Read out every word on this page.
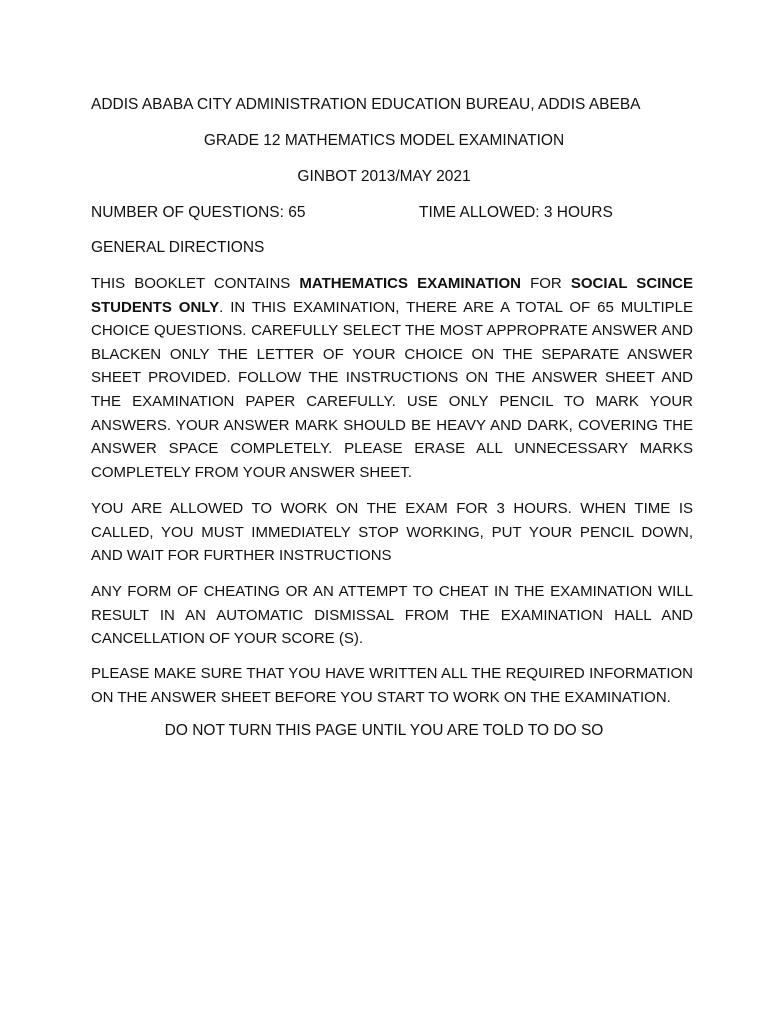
ADDIS ABABA CITY ADMINISTRATION EDUCATION BUREAU, ADDIS ABEBA
GRADE 12 MATHEMATICS MODEL EXAMINATION
GINBOT 2013/MAY 2021
NUMBER OF QUESTIONS: 65	TIME ALLOWED: 3 HOURS
GENERAL DIRECTIONS
THIS BOOKLET CONTAINS MATHEMATICS EXAMINATION FOR SOCIAL SCINCE STUDENTS ONLY. IN THIS EXAMINATION, THERE ARE A TOTAL OF 65 MULTIPLE CHOICE QUESTIONS. CAREFULLY SELECT THE MOST APPROPRATE ANSWER AND BLACKEN ONLY THE LETTER OF YOUR CHOICE ON THE SEPARATE ANSWER SHEET PROVIDED. FOLLOW THE INSTRUCTIONS ON THE ANSWER SHEET AND THE EXAMINATION PAPER CAREFULLY. USE ONLY PENCIL TO MARK YOUR ANSWERS. YOUR ANSWER MARK SHOULD BE HEAVY AND DARK, COVERING THE ANSWER SPACE COMPLETELY. PLEASE ERASE ALL UNNECESSARY MARKS COMPLETELY FROM YOUR ANSWER SHEET.
YOU ARE ALLOWED TO WORK ON THE EXAM FOR 3 HOURS. WHEN TIME IS CALLED, YOU MUST IMMEDIATELY STOP WORKING, PUT YOUR PENCIL DOWN, AND WAIT FOR FURTHER INSTRUCTIONS
ANY FORM OF CHEATING OR AN ATTEMPT TO CHEAT IN THE EXAMINATION WILL RESULT IN AN AUTOMATIC DISMISSAL FROM THE EXAMINATION HALL AND CANCELLATION OF YOUR SCORE (S).
PLEASE MAKE SURE THAT YOU HAVE WRITTEN ALL THE REQUIRED INFORMATION ON THE ANSWER SHEET BEFORE YOU START TO WORK ON THE EXAMINATION.
DO NOT TURN THIS PAGE UNTIL YOU ARE TOLD TO DO SO
